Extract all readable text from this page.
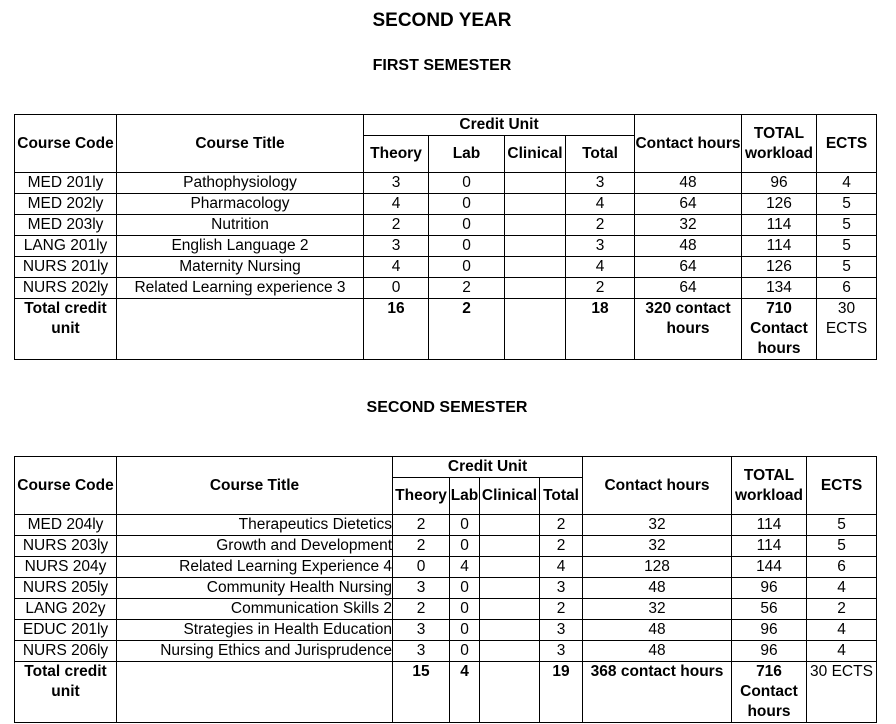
SECOND YEAR
FIRST SEMESTER
Course Code	Course Title	Credit Unit				Contact hours	TOTAL workload	ECTS
		Theory	Lab	Clinical	Total			
MED 201ly	Pathophysiology	3	0		3	48	96	4
MED 202ly	Pharmacology	4	0		4	64	126	5
MED 203ly	Nutrition	2	0		2	32	114	5
LANG 201ly	English Language 2	3	0		3	48	114	5
NURS 201ly	Maternity Nursing	4	0		4	64	126	5
NURS 202ly	Related Learning experience 3	0	2		2	64	134	6
Total credit unit		16	2		18	320 contact hours	710 Contact hours	30 ECTS
SECOND SEMESTER
Course Code	Course Title	Credit Unit				Contact hours	TOTAL workload	ECTS
		Theory	Lab	Clinical	Total			
MED 204ly	Therapeutics Dietetics	2	0		2	32	114	5
NURS 203ly	Growth and Development	2	0		2	32	114	5
NURS 204y	Related Learning Experience 4	0	4		4	128	144	6
NURS 205ly	Community Health Nursing	3	0		3	48	96	4
LANG 202y	Communication Skills 2	2	0		2	32	56	2
EDUC 201ly	Strategies in Health Education	3	0		3	48	96	4
NURS 206ly	Nursing Ethics and Jurisprudence	3	0		3	48	96	4
Total credit unit		15	4		19	368 contact hours	716 Contact hours	30 ECTS
